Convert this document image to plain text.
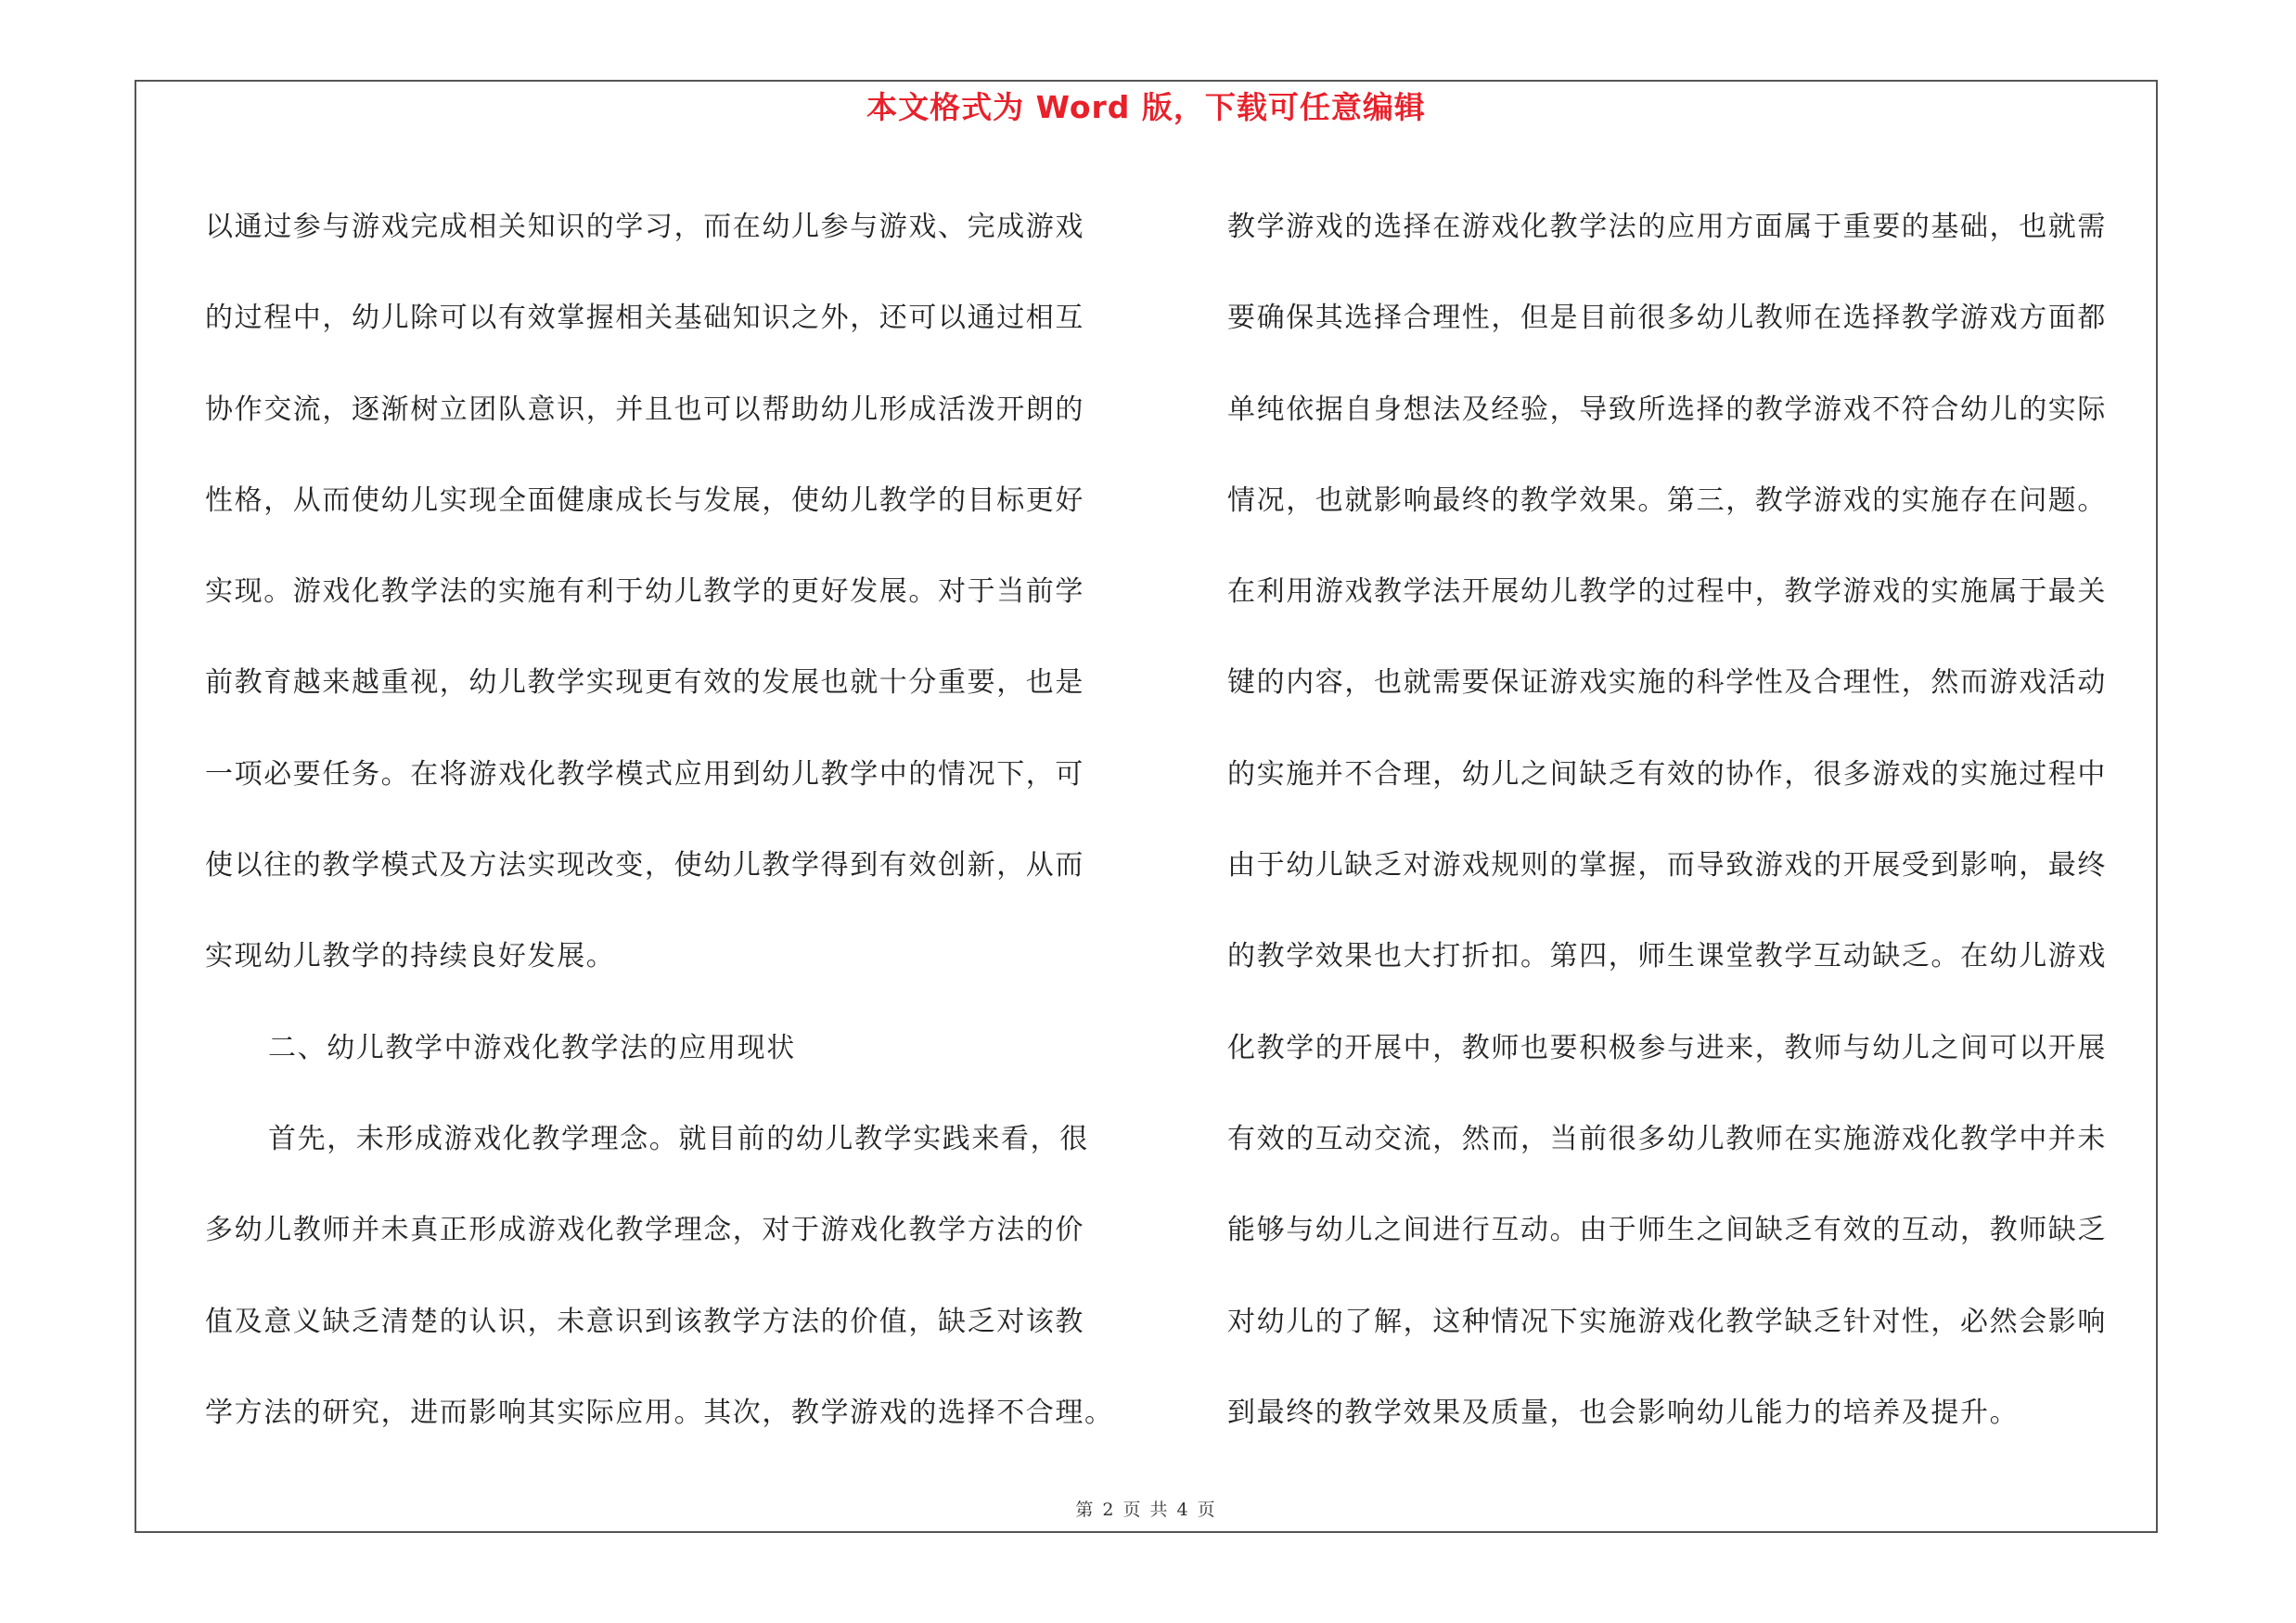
本文格式为 Word 版，下载可任意编辑
以通过参与游戏完成相关知识的学习，而在幼儿参与游戏、完成游戏
的过程中，幼儿除可以有效掌握相关基础知识之外，还可以通过相互
协作交流，逐渐树立团队意识，并且也可以帮助幼儿形成活泼开朗的
性格，从而使幼儿实现全面健康成长与发展，使幼儿教学的目标更好
实现。游戏化教学法的实施有利于幼儿教学的更好发展。对于当前学
前教育越来越重视，幼儿教学实现更有效的发展也就十分重要，也是
一项必要任务。在将游戏化教学模式应用到幼儿教学中的情况下，可
使以往的教学模式及方法实现改变，使幼儿教学得到有效创新，从而
实现幼儿教学的持续良好发展。
二、幼儿教学中游戏化教学法的应用现状
首先，未形成游戏化教学理念。就目前的幼儿教学实践来看，很
多幼儿教师并未真正形成游戏化教学理念，对于游戏化教学方法的价
值及意义缺乏清楚的认识，未意识到该教学方法的价值，缺乏对该教
学方法的研究，进而影响其实际应用。其次，教学游戏的选择不合理。
教学游戏的选择在游戏化教学法的应用方面属于重要的基础，也就需
要确保其选择合理性，但是目前很多幼儿教师在选择教学游戏方面都
单纯依据自身想法及经验，导致所选择的教学游戏不符合幼儿的实际
情况，也就影响最终的教学效果。第三，教学游戏的实施存在问题。
在利用游戏教学法开展幼儿教学的过程中，教学游戏的实施属于最关
键的内容，也就需要保证游戏实施的科学性及合理性，然而游戏活动
的实施并不合理，幼儿之间缺乏有效的协作，很多游戏的实施过程中
由于幼儿缺乏对游戏规则的掌握，而导致游戏的开展受到影响，最终
的教学效果也大打折扣。第四，师生课堂教学互动缺乏。在幼儿游戏
化教学的开展中，教师也要积极参与进来，教师与幼儿之间可以开展
有效的互动交流，然而，当前很多幼儿教师在实施游戏化教学中并未
能够与幼儿之间进行互动。由于师生之间缺乏有效的互动，教师缺乏
对幼儿的了解，这种情况下实施游戏化教学缺乏针对性，必然会影响
到最终的教学效果及质量，也会影响幼儿能力的培养及提升。
第 2 页 共 4 页
